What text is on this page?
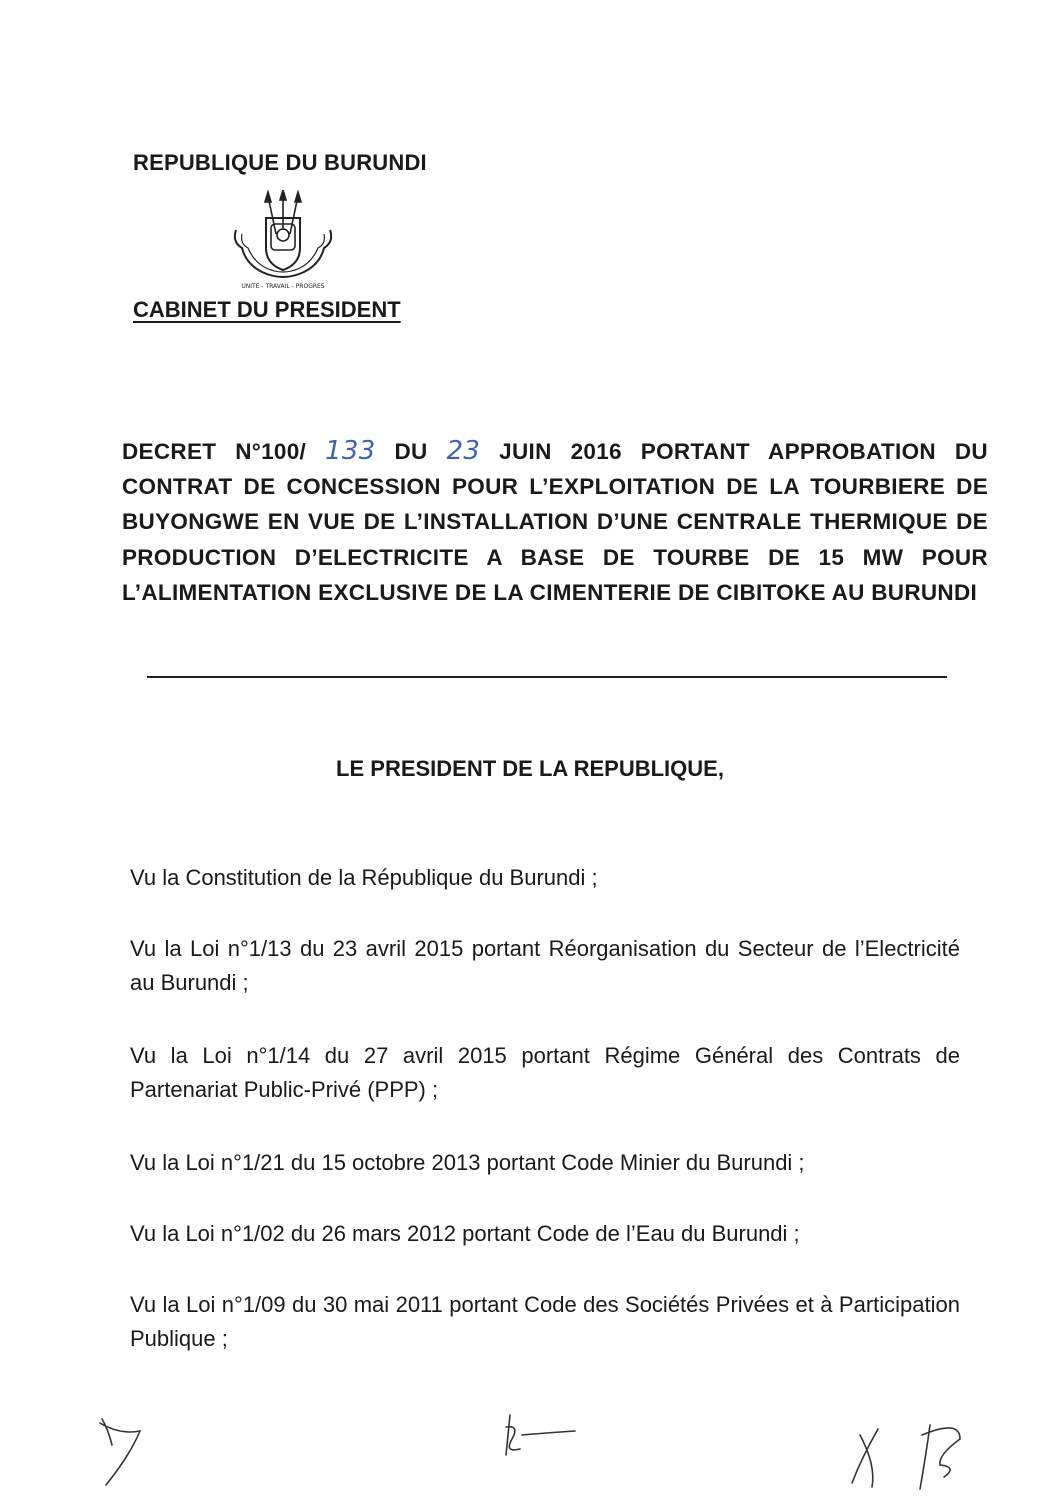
REPUBLIQUE DU BURUNDI
UNITE - TRAVAIL - PROGRES
CABINET DU PRESIDENT
DECRET N°100/ 133 DU 23 JUIN 2016 PORTANT APPROBATION DU CONTRAT DE CONCESSION POUR L’EXPLOITATION DE LA TOURBIERE DE BUYONGWE EN VUE DE L’INSTALLATION D’UNE CENTRALE THERMIQUE DE PRODUCTION D’ELECTRICITE A BASE DE TOURBE DE 15 MW POUR L’ALIMENTATION EXCLUSIVE DE LA CIMENTERIE DE CIBITOKE AU BURUNDI
LE PRESIDENT DE LA REPUBLIQUE,
Vu la Constitution de la République du Burundi ;
Vu la Loi n°1/13 du 23 avril 2015 portant Réorganisation du Secteur de l’Electricité au Burundi ;
Vu la Loi n°1/14 du 27 avril 2015 portant Régime Général des Contrats de Partenariat Public-Privé (PPP) ;
Vu la Loi n°1/21 du 15 octobre 2013 portant Code Minier du Burundi ;
Vu la Loi n°1/02 du 26 mars 2012 portant Code de l’Eau du Burundi ;
Vu la Loi n°1/09 du 30 mai 2011 portant Code des Sociétés Privées et à Participation Publique ;
